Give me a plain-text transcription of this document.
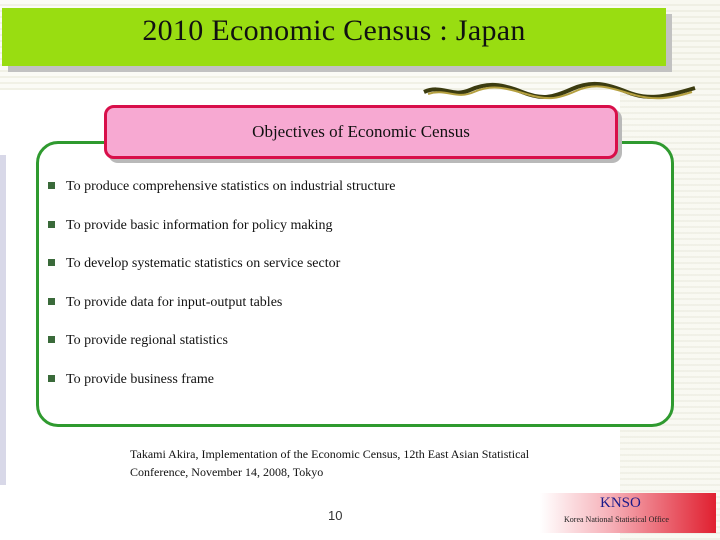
2010 Economic Census : Japan
Objectives of Economic Census
To produce comprehensive statistics on industrial structure
To provide basic information for policy making
To develop systematic statistics on service sector
To provide data for input-output tables
To provide regional statistics
To provide business frame
Takami Akira, Implementation of the Economic Census, 12th East Asian Statistical
Conference, November 14, 2008, Tokyo
10
KNSO
Korea National Statistical Office
